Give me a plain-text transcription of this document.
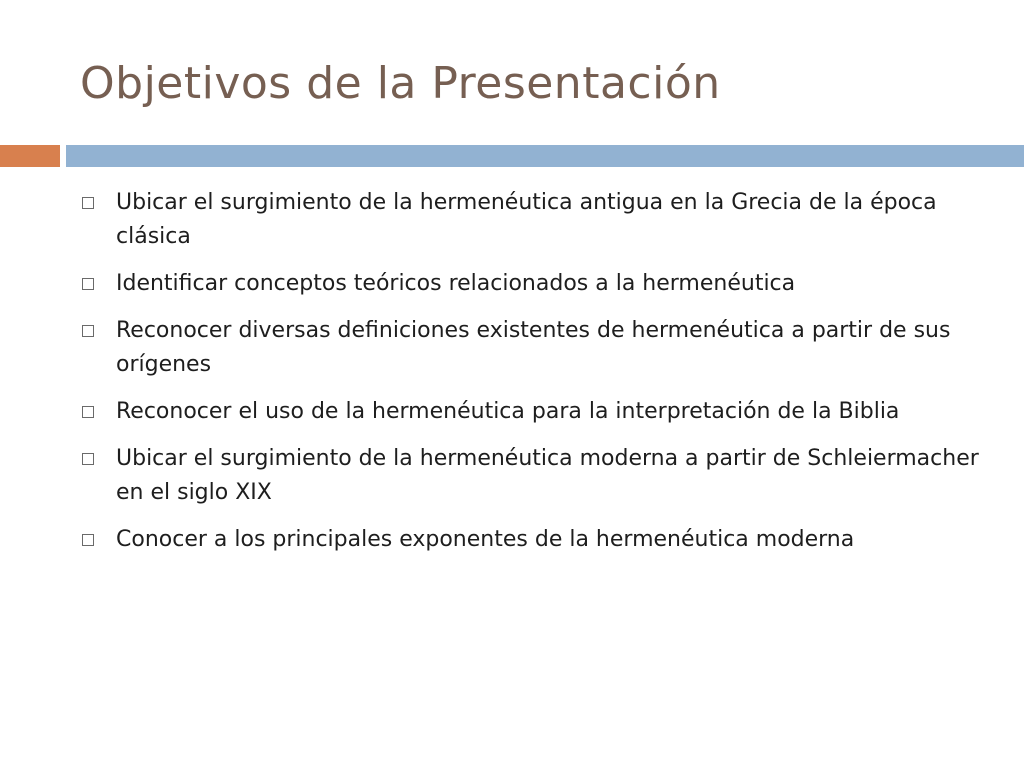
Objetivos de la Presentación
Ubicar el surgimiento de la hermenéutica antigua en la Grecia de la época clásica
Identificar conceptos teóricos relacionados a la hermenéutica
Reconocer diversas definiciones existentes de hermenéutica a partir de sus orígenes
Reconocer el uso de la hermenéutica para la interpretación de la Biblia
Ubicar el surgimiento de la hermenéutica moderna a partir de Schleiermacher en el siglo XIX
Conocer a los principales exponentes de la hermenéutica moderna
